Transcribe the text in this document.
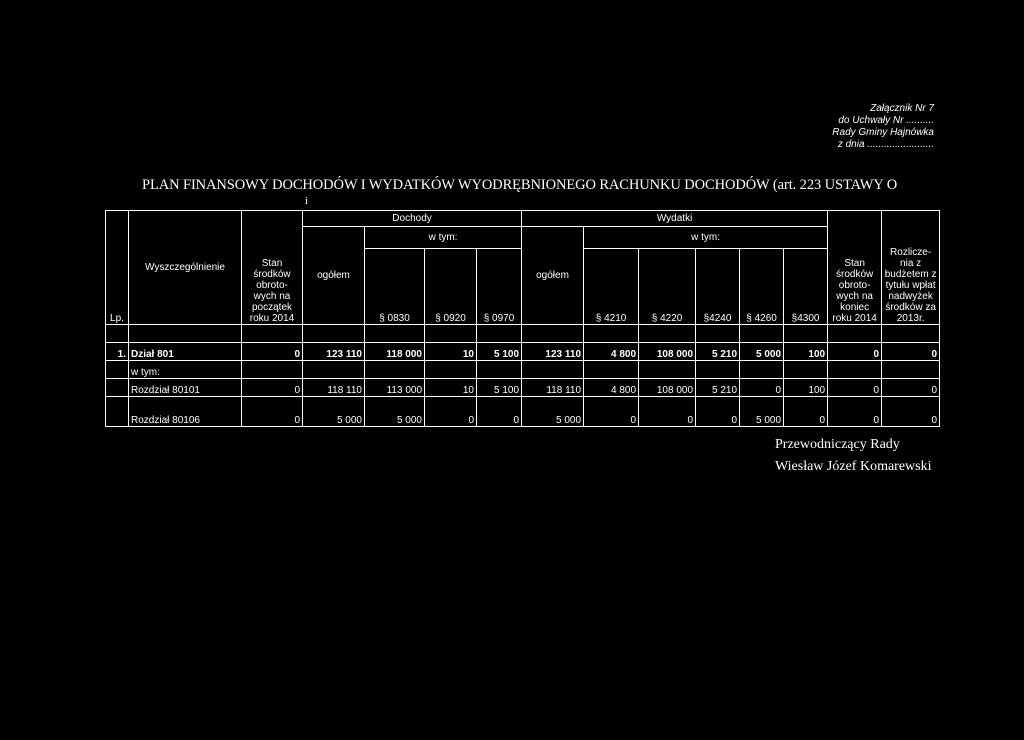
Załącznik Nr 7
do Uchwały Nr ..........
Rady Gminy Hajnówka
z dnia ........................
PLAN FINANSOWY DOCHODÓW I WYDATKÓW WYODRĘBNIONEGO RACHUNKU DOCHODÓW (art. 223 USTAWY O
i
Lp.	Wyszczególnienie	Stan środków obroto- wych na początek roku 2014	Dochody				Wydatki						Stan środków obroto- wych na koniec roku 2014	Rozlicze- nia z budżetem z tytułu wpłat nadwyżek środków za 2013r.
			ogółem	w tym:			ogółem	w tym:						
				§ 0830	§ 0920	§ 0970		§ 4210	§ 4220	§4240	§ 4260	§4300		

1.	Dział 801	0	123 110	118 000	10	5 100	123 110	4 800	108 000	5 210	5 000	100	0	0
	w tym:													
	Rozdział 80101	0	118 110	113 000	10	5 100	118 110	4 800	108 000	5 210	0	100	0	0
	Rozdział 80106	0	5 000	5 000	0	0	5 000	0	0	0	5 000	0	0	0
Przewodniczący Rady
Wiesław Józef Komarewski
